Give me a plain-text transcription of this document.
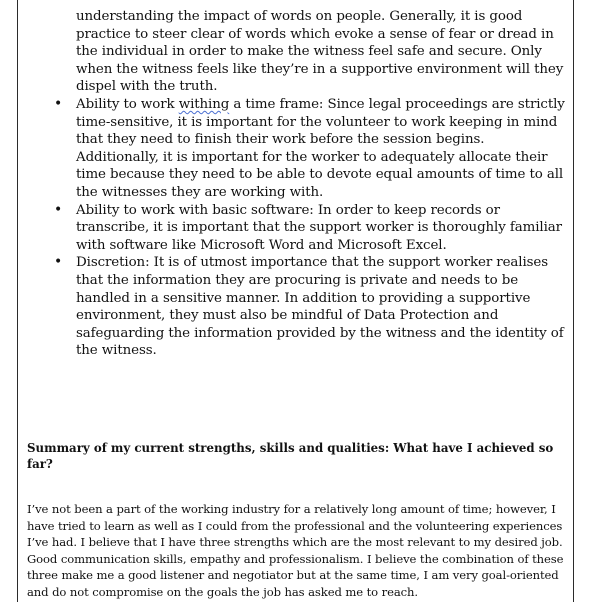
understanding the impact of words on people. Generally, it is good practice to steer clear of words which evoke a sense of fear or dread in the individual in order to make the witness feel safe and secure. Only when the witness feels like they’re in a supportive environment will they dispel with the truth.
• Ability to work withing a time frame: Since legal proceedings are strictly time-sensitive, it is important for the volunteer to work keeping in mind that they need to finish their work before the session begins. Additionally, it is important for the worker to adequately allocate their time because they need to be able to devote equal amounts of time to all the witnesses they are working with.
• Ability to work with basic software: In order to keep records or transcribe, it is important that the support worker is thoroughly familiar with software like Microsoft Word and Microsoft Excel.
• Discretion: It is of utmost importance that the support worker realises that the information they are procuring is private and needs to be handled in a sensitive manner. In addition to providing a supportive environment, they must also be mindful of Data Protection and safeguarding the information provided by the witness and the identity of the witness.
Summary of my current strengths, skills and qualities: What have I achieved so far?
I’ve not been a part of the working industry for a relatively long amount of time; however, I have tried to learn as well as I could from the professional and the volunteering experiences I’ve had. I believe that I have three strengths which are the most relevant to my desired job. Good communication skills, empathy and professionalism. I believe the combination of these three make me a good listener and negotiator but at the same time, I am very goal-oriented and do not compromise on the goals the job has asked me to reach.
